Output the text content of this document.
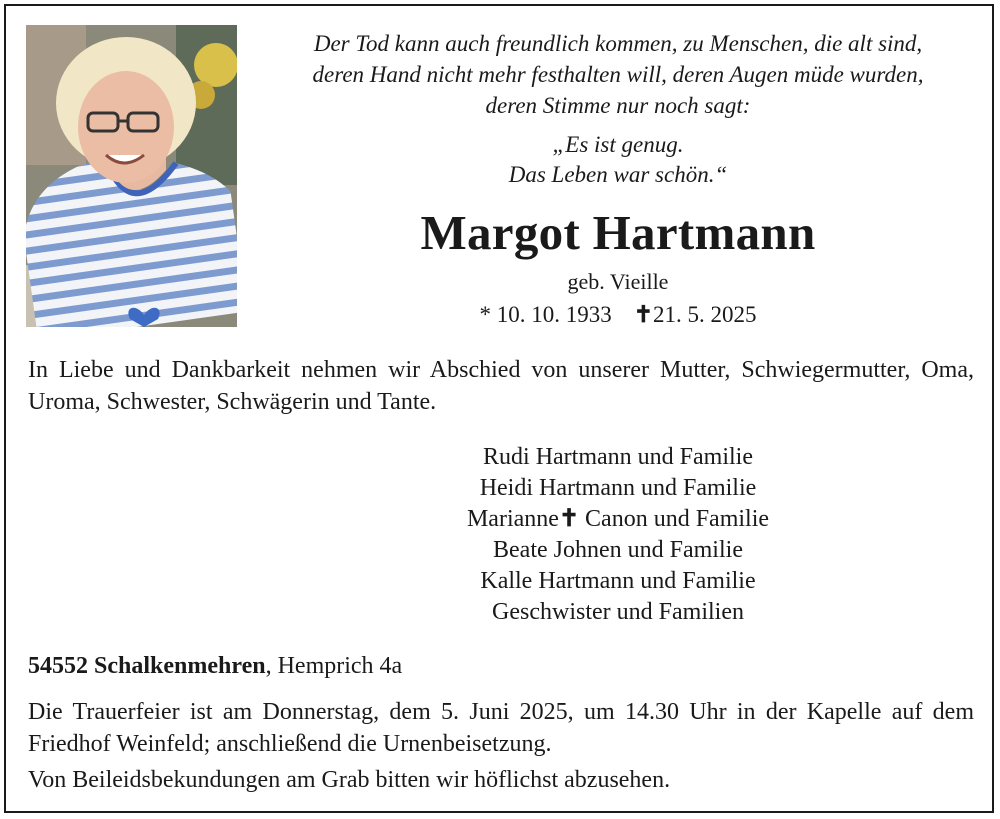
Der Tod kann auch freundlich kommen, zu Menschen, die alt sind,
deren Hand nicht mehr festhalten will, deren Augen müde wurden,
deren Stimme nur noch sagt:
„Es ist genug.
Das Leben war schön.“
Margot Hartmann
geb. Vieille
* 10. 10. 1933 ✝21. 5. 2025
In Liebe und Dankbarkeit nehmen wir Abschied von unserer Mutter, Schwiegermutter, Oma, Uroma, Schwester, Schwägerin und Tante.
Rudi Hartmann und Familie
Heidi Hartmann und Familie
Marianne✝ Canon und Familie
Beate Johnen und Familie
Kalle Hartmann und Familie
Geschwister und Familien
54552 Schalkenmehren, Hemprich 4a
Die Trauerfeier ist am Donnerstag, dem 5. Juni 2025, um 14.30 Uhr in der Kapelle auf dem Friedhof Weinfeld; anschließend die Urnenbeisetzung.
Von Beileidsbekundungen am Grab bitten wir höflichst abzusehen.
